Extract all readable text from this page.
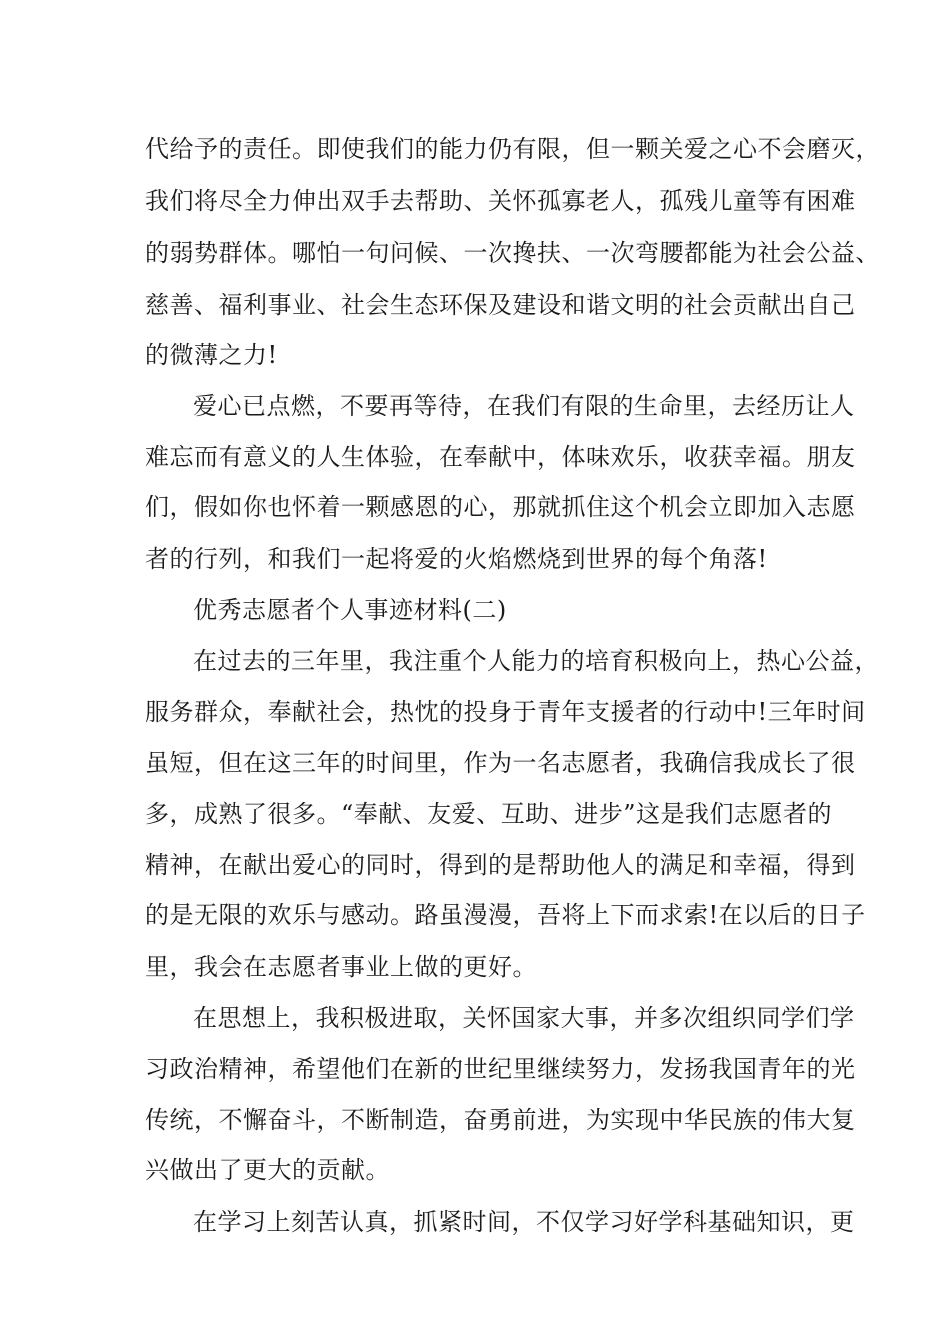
代给予的责任。即使我们的能力仍有限，但一颗关爱之心不会磨灭，
我们将尽全力伸出双手去帮助、关怀孤寡老人，孤残儿童等有困难
的弱势群体。哪怕一句问候、一次搀扶、一次弯腰都能为社会公益、
慈善、福利事业、社会生态环保及建设和谐文明的社会贡献出自己
的微薄之力!
爱心已点燃，不要再等待，在我们有限的生命里，去经历让人
难忘而有意义的人生体验，在奉献中，体味欢乐，收获幸福。朋友
们，假如你也怀着一颗感恩的心，那就抓住这个机会立即加入志愿
者的行列，和我们一起将爱的火焰燃烧到世界的每个角落!
优秀志愿者个人事迹材料(二)
在过去的三年里，我注重个人能力的培育积极向上，热心公益，
服务群众，奉献社会，热忱的投身于青年支援者的行动中!三年时间
虽短，但在这三年的时间里，作为一名志愿者，我确信我成长了很
多，成熟了很多。“奉献、友爱、互助、进步”这是我们志愿者的
精神，在献出爱心的同时，得到的是帮助他人的满足和幸福，得到
的是无限的欢乐与感动。路虽漫漫，吾将上下而求索!在以后的日子
里，我会在志愿者事业上做的更好。
在思想上，我积极进取，关怀国家大事，并多次组织同学们学
习政治精神，希望他们在新的世纪里继续努力，发扬我国青年的光
传统，不懈奋斗，不断制造，奋勇前进，为实现中华民族的伟大复
兴做出了更大的贡献。
在学习上刻苦认真，抓紧时间，不仅学习好学科基础知识，更
